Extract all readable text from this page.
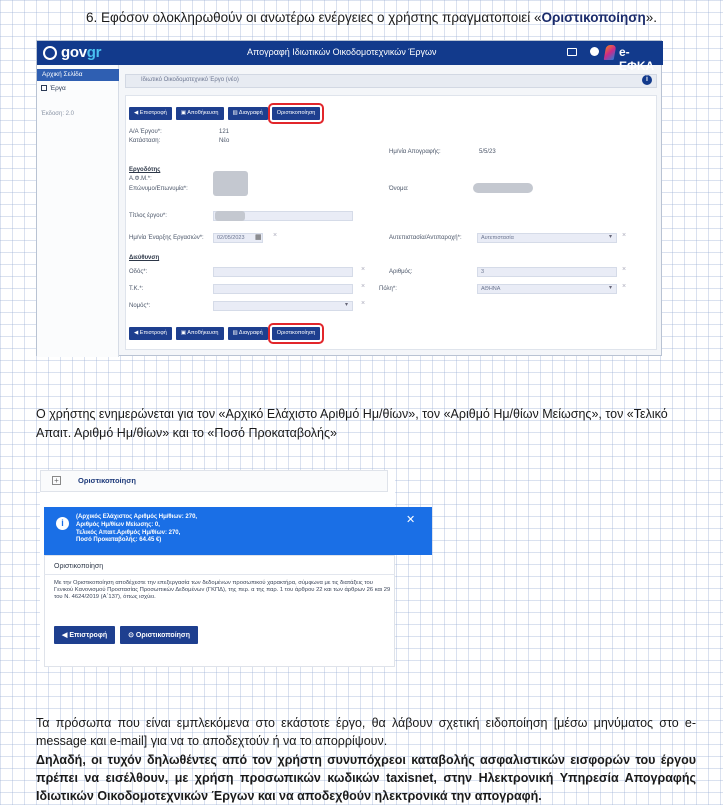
6. Εφόσον ολοκληρωθούν οι ανωτέρω ενέργειες ο χρήστης πραγματοποιεί «Οριστικοποίηση».
govgr	Απογραφή Ιδιωτικών Οικοδομοτεχνικών Έργων	e-ΕΦΚΑ
Αρχική Σελίδα
Έργα
Έκδοση: 2.0
Ιδιωτικό Οικοδομοτεχνικό Έργο (νέο)	i
◀ Επιστροφή	▣ Αποθήκευση	▥ Διαγραφή	Οριστικοποίηση
Α/Α Έργου*:	121
Κατάσταση:	Νέο
Ημ/νία Απογραφής:	5/5/23
Εργοδότης
Α.Φ.Μ.*:
Επώνυμο/Επωνυμία*:	Όνομα:
Τίτλος έργου*:
Ημ/νία Έναρξης Εργασιών*:	02/05/2023	▦ ×	Αυτεπιστασία/Αντιπαροχή*:	Αυτεπιστασία	▾ ×
Διεύθυνση
Οδός*:	×	Αριθμός:	3	×
Τ.Κ.*:	× Πόλη*:	ΑΘΗΝΑ	▾ ×
Νομός*:	▾ ×
◀ Επιστροφή	▣ Αποθήκευση	▥ Διαγραφή	Οριστικοποίηση
Ο χρήστης ενημερώνεται για τον «Αρχικό Ελάχιστο Αριθμό Ημ/θίων», τον «Αριθμό Ημ/θίων Μείωσης», τον «Τελικό Απαιτ. Αριθμό Ημ/θίων» και το «Ποσό Προκαταβολής»
+	Οριστικοποίηση
i
(Αρχικός Ελάχιστος Αριθμός Ημ/θιων: 270,
Αριθμός Ημ/θίων Μείωσης: 0,
Τελικός Απαιτ.Αριθμός Ημ/θίων: 270,
Ποσό Προκαταβολής: 64.45 €)
✕
Οριστικοποίηση
Με την Οριστικοποίηση αποδέχεστε την επεξεργασία των δεδομένων προσωπικού χαρακτήρα, σύμφωνα με τις διατάξεις του Γενικού Κανονισμού Προστασίας Προσωπικών Δεδομένων (ΓΚΠΔ), της περ. α της παρ. 1 του άρθρου 22 και των άρθρων 26 και 29 του Ν. 4624/2019 (Α΄137), όπως ισχύει.
◀ Επιστροφή	⊙ Οριστικοποίηση
Τα πρόσωπα που είναι εμπλεκόμενα στο εκάστοτε έργο, θα λάβουν σχετική ειδοποίηση [μέσω μηνύματος στο e-message και e-mail] για να το αποδεχτούν ή να το απορρίψουν.
Δηλαδή, οι τυχόν δηλωθέντες από τον χρήστη συνυπόχρεοι καταβολής ασφαλιστικών εισφορών του έργου πρέπει να εισέλθουν, με χρήση προσωπικών κωδικών taxisnet, στην Ηλεκτρονική Υπηρεσία Απογραφής Ιδιωτικών Οικοδομοτεχνικών Έργων και να αποδεχθούν ηλεκτρονικά την απογραφή.
